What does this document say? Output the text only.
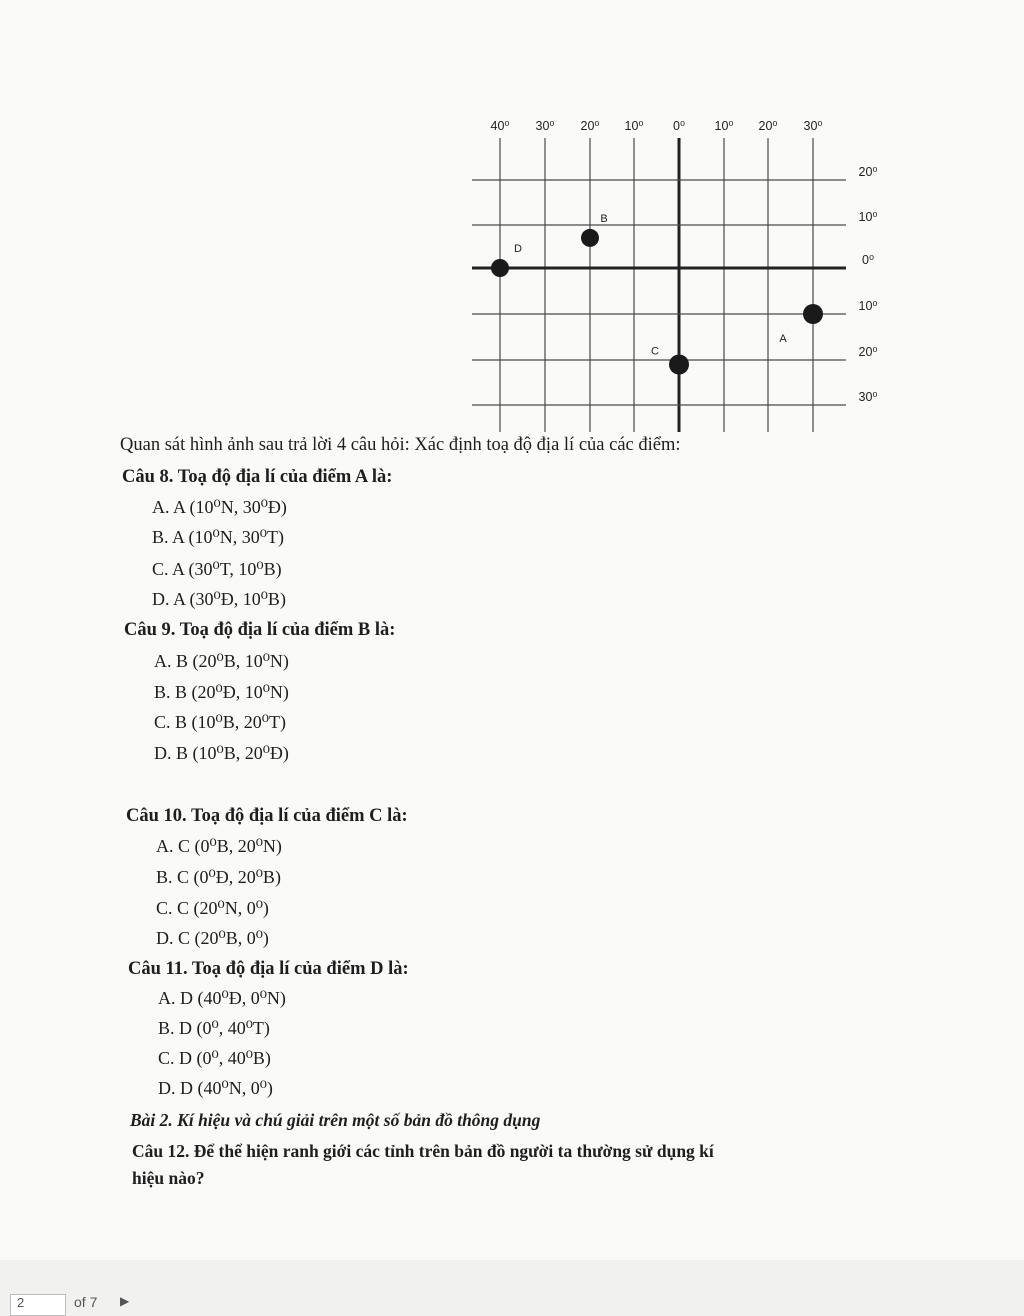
40⁰ 30⁰ 20⁰ 10⁰ 0⁰ 10⁰ 20⁰ 30⁰
20⁰
10⁰
0⁰
10⁰
20⁰
30⁰
A
B
C
D
Quan sát hình ảnh sau trả lời 4 câu hỏi: Xác định toạ độ địa lí của các điểm:
Câu 8. Toạ độ địa lí của điểm A là:
A. A (10⁰N, 30⁰Đ)
B. A (10⁰N, 30⁰T)
C. A (30⁰T, 10⁰B)
D. A (30⁰Đ, 10⁰B)
Câu 9. Toạ độ địa lí của điểm B là:
A. B (20⁰B, 10⁰N)
B. B (20⁰Đ, 10⁰N)
C. B (10⁰B, 20⁰T)
D. B (10⁰B, 20⁰Đ)
Câu 10. Toạ độ địa lí của điểm C là:
A. C (0⁰B, 20⁰N)
B. C (0⁰Đ, 20⁰B)
C. C (20⁰N, 0⁰)
D. C (20⁰B, 0⁰)
Câu 11. Toạ độ địa lí của điểm D là:
A. D (40⁰Đ, 0⁰N)
B. D (0⁰, 40⁰T)
C. D (0⁰, 40⁰B)
D. D (40⁰N, 0⁰)
Bài 2. Kí hiệu và chú giải trên một số bản đồ thông dụng
Câu 12. Để thể hiện ranh giới các tỉnh trên bản đồ người ta thường sử dụng kí
hiệu nào?
2	of 7 ▶
